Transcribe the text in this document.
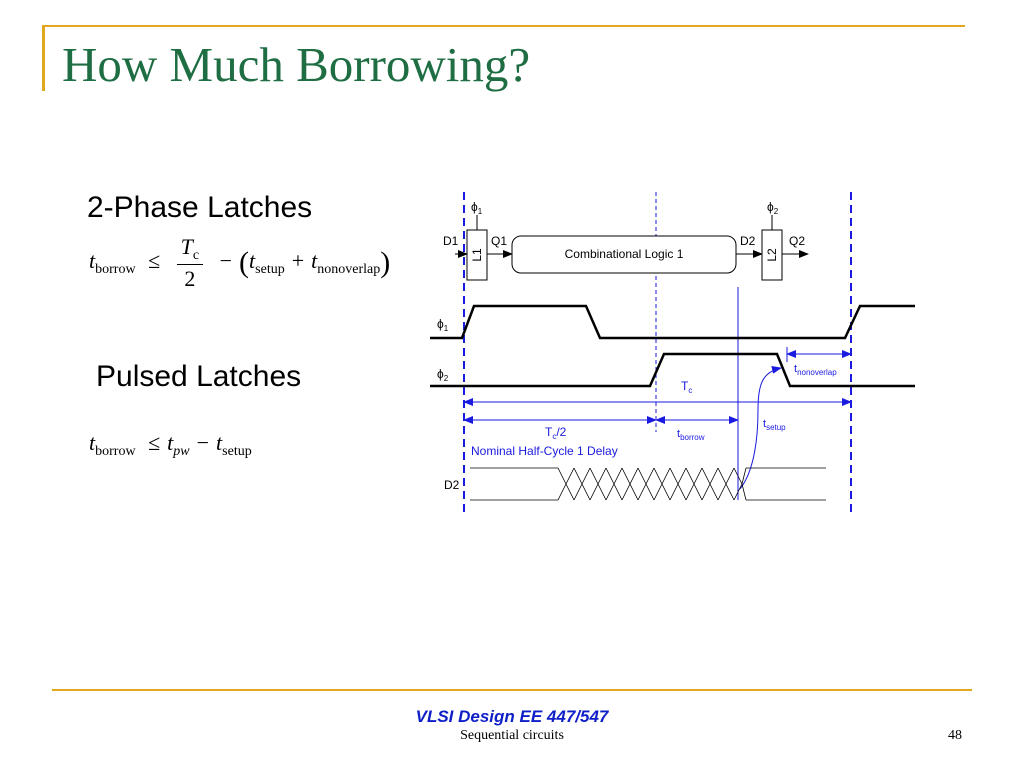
How Much Borrowing?
2-Phase Latches
Pulsed Latches
$t_{borrow} \le \frac{T_c}{2} - (t_{setup} + t_{nonoverlap})$
$t_{borrow} \le t_{pw} - t_{setup}$
$\phi_1$
L1
D1	Q1
Combinational Logic 1
D2
$\phi_2$
L2
Q2
$\phi_1$
$\phi_2$
$t_{nonoverlap}$
$T_c$
$T_c/2$
Nominal Half-Cycle 1 Delay
$t_{borrow}$
$t_{setup}$
D2
VLSI Design EE 447/547
Sequential circuits	48
